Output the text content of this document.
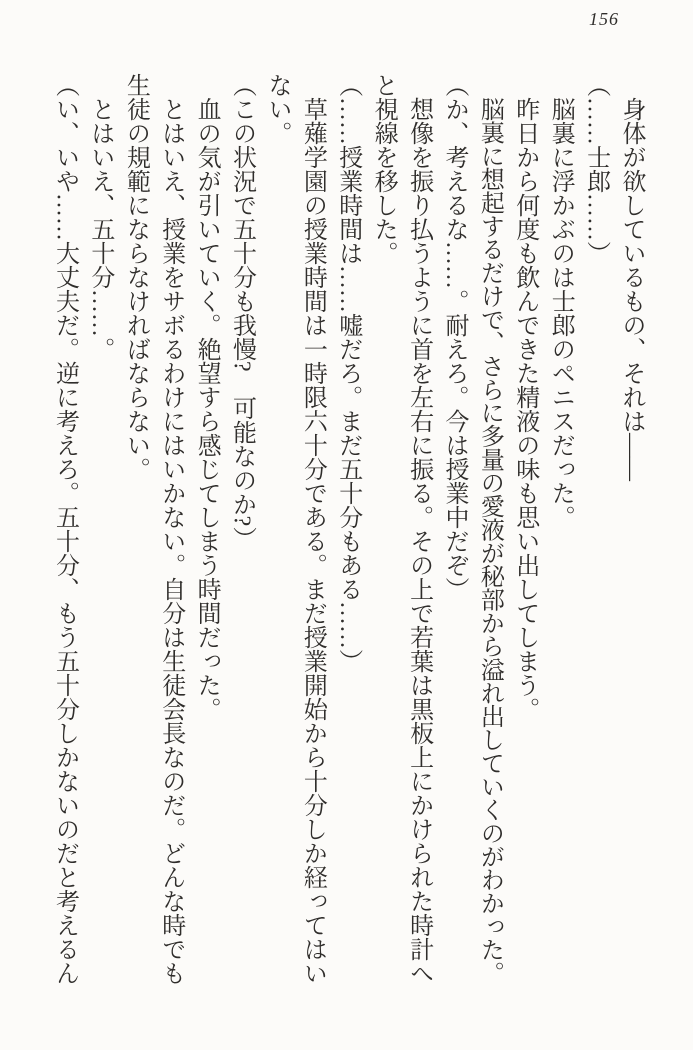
156

身体が欲しているもの、それは――

（……士郎……）

脳裏に浮かぶのは士郎のペニスだった。

昨日から何度も飲んできた精液の味も思い出してしまう。

脳裏に想起するだけで、さらに多量の愛液が秘部から溢れ出していくのがわかった。

（か、考えるな……。耐えろ。今は授業中だぞ）

想像を振り払うように首を左右に振る。その上で若葉は黒板上にかけられた時計へと視線を移した。

（……授業時間は……嘘だろ。まだ五十分もある……）

草薙学園の授業時間は一時限六十分である。まだ授業開始から十分しか経ってはいない。

（この状況で五十分も我慢?　可能なのか?）

血の気が引いていく。絶望すら感じてしまう時間だった。

とはいえ、授業をサボるわけにはいかない。自分は生徒会長なのだ。どんな時でも生徒の規範にならなければならない。

とはいえ、五十分……。

（い、いや……大丈夫だ。逆に考えろ。五十分、もう五十分しかないのだと考えるん
